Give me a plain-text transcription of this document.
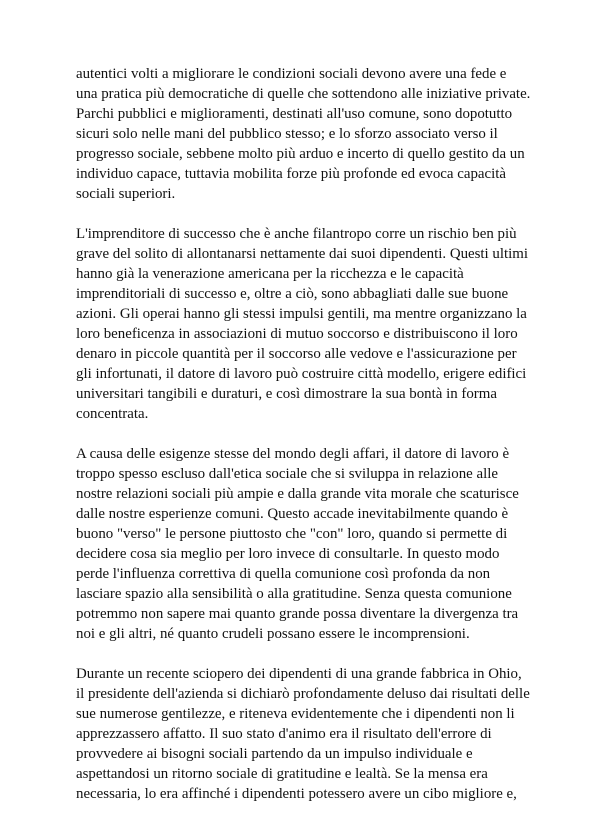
autentici volti a migliorare le condizioni sociali devono avere una fede e
una pratica più democratiche di quelle che sottendono alle iniziative private.
Parchi pubblici e miglioramenti, destinati all'uso comune, sono dopotutto
sicuri solo nelle mani del pubblico stesso; e lo sforzo associato verso il
progresso sociale, sebbene molto più arduo e incerto di quello gestito da un
individuo capace, tuttavia mobilita forze più profonde ed evoca capacità
sociali superiori.

L'imprenditore di successo che è anche filantropo corre un rischio ben più
grave del solito di allontanarsi nettamente dai suoi dipendenti. Questi ultimi
hanno già la venerazione americana per la ricchezza e le capacità
imprenditoriali di successo e, oltre a ciò, sono abbagliati dalle sue buone
azioni. Gli operai hanno gli stessi impulsi gentili, ma mentre organizzano la
loro beneficenza in associazioni di mutuo soccorso e distribuiscono il loro
denaro in piccole quantità per il soccorso alle vedove e l'assicurazione per
gli infortunati, il datore di lavoro può costruire città modello, erigere edifici
universitari tangibili e duraturi, e così dimostrare la sua bontà in forma
concentrata.

A causa delle esigenze stesse del mondo degli affari, il datore di lavoro è
troppo spesso escluso dall'etica sociale che si sviluppa in relazione alle
nostre relazioni sociali più ampie e dalla grande vita morale che scaturisce
dalle nostre esperienze comuni. Questo accade inevitabilmente quando è
buono "verso" le persone piuttosto che "con" loro, quando si permette di
decidere cosa sia meglio per loro invece di consultarle. In questo modo
perde l'influenza correttiva di quella comunione così profonda da non
lasciare spazio alla sensibilità o alla gratitudine. Senza questa comunione
potremmo non sapere mai quanto grande possa diventare la divergenza tra
noi e gli altri, né quanto crudeli possano essere le incomprensioni.

Durante un recente sciopero dei dipendenti di una grande fabbrica in Ohio,
il presidente dell'azienda si dichiarò profondamente deluso dai risultati delle
sue numerose gentilezze, e riteneva evidentemente che i dipendenti non li
apprezzassero affatto. Il suo stato d'animo era il risultato dell'errore di
provvedere ai bisogni sociali partendo da un impulso individuale e
aspettandosi un ritorno sociale di gratitudine e lealtà. Se la mensa era
necessaria, lo era affinché i dipendenti potessero avere un cibo migliore e,
